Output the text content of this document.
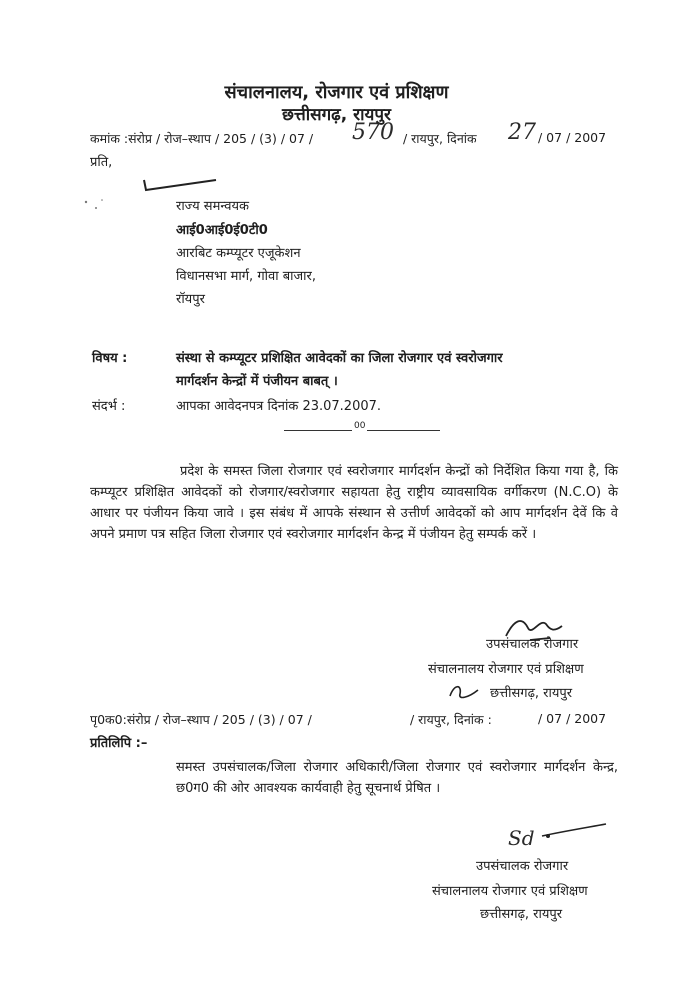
संचालनालय, रोजगार एवं प्रशिक्षण
छत्तीसगढ़, रायपुर
कमांक :संरोप्र / रोज–स्थाप / 205 / (3) / 07 / 570 / रायपुर, दिनांक 27 / 07 / 2007
प्रति,
राज्य समन्वयक
आई0आई0ई0टी0
आरबिट कम्प्यूटर एजूकेशन
विधानसभा मार्ग, गोवा बाजार,
रॉयपुर
विषय :	संस्था से कम्प्यूटर प्रशिक्षित आवेदकों का जिला रोजगार एवं स्वरोजगार
मार्गदर्शन केन्द्रों में पंजीयन बाबत् ।
संदर्भ :	आपका आवेदनपत्र दिनांक 23.07.2007.
00
प्रदेश के समस्त जिला रोजगार एवं स्वरोजगार मार्गदर्शन केन्द्रों को निर्देशित किया गया है, कि कम्प्यूटर प्रशिक्षित आवेदकों को रोजगार/स्वरोजगार सहायता हेतु राष्ट्रीय व्यावसायिक वर्गीकरण (N.C.O) के आधार पर पंजीयन किया जावे । इस संबंध में आपके संस्थान से उत्तीर्ण आवेदकों को आप मार्गदर्शन देवें कि वे अपने प्रमाण पत्र सहित जिला रोजगार एवं स्वरोजगार मार्गदर्शन केन्द्र में पंजीयन हेतु सम्पर्क करें ।
उपसंचालक रोजगार
संचालनालय रोजगार एवं प्रशिक्षण
छत्तीसगढ़, रायपुर
पृ0क0:संरोप्र / रोज–स्थाप / 205 / (3) / 07 /	/ रायपुर, दिनांक :	/ 07 / 2007
प्रतिलिपि :–
समस्त उपसंचालक/जिला रोजगार अधिकारी/जिला रोजगार एवं स्वरोजगार मार्गदर्शन केन्द्र, छ0ग0 की ओर आवश्यक कार्यवाही हेतु सूचनार्थ प्रेषित ।
Sd
उपसंचालक रोजगार
संचालनालय रोजगार एवं प्रशिक्षण
छत्तीसगढ़, रायपुर
